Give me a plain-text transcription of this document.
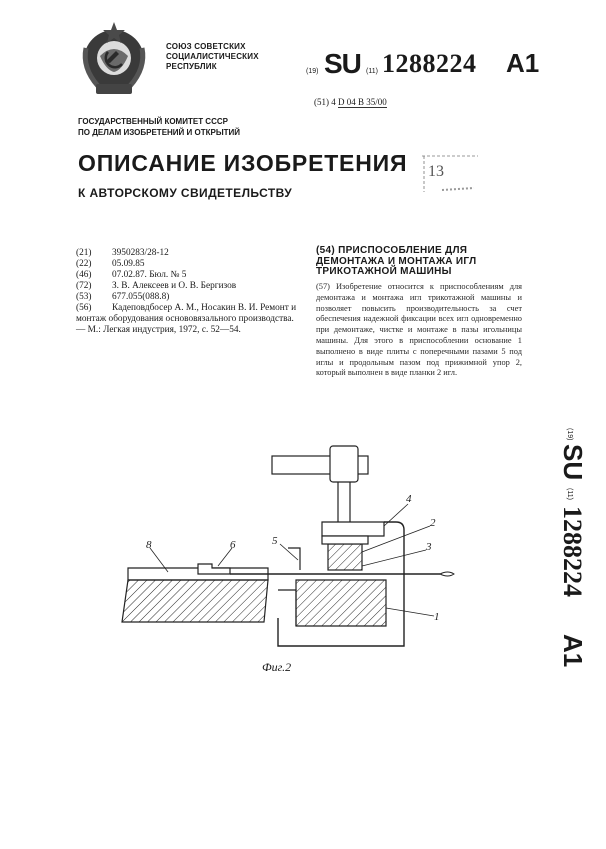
СОЮЗ СОВЕТСКИХ
СОЦИАЛИСТИЧЕСКИХ
РЕСПУБЛИК
(19) SU (11) 1288224 A1
(51) 4 D 04 B 35/00
ГОСУДАРСТВЕННЫЙ КОМИТЕТ СССР
ПО ДЕЛАМ ИЗОБРЕТЕНИЙ И ОТКРЫТИЙ
ОПИСАНИЕ ИЗОБРЕТЕНИЯ
К АВТОРСКОМУ СВИДЕТЕЛЬСТВУ
13
(21) 3950283/28-12
(22) 05.09.85
(46) 07.02.87. Бюл. № 5
(72) З. В. Алексеев и О. В. Бергизов
(53) 677.055(088.8)
(56) Кадеповдбосер А. М., Носакин В. И. Ремонт и монтаж оборудования основовязального производства. — М.: Легкая индустрия, 1972, с. 52—54.
(54) ПРИСПОСОБЛЕНИЕ ДЛЯ ДЕМОНТАЖА И МОНТАЖА ИГЛ ТРИКОТАЖНОЙ МАШИНЫ
(57) Изобретение относится к приспособлениям для демонтажа и монтажа игл трикотажной машины и позволяет повысить производительность за счет обеспечения надежной фиксации всех игл одновременно при демонтаже, чистке и монтаже в пазы игольницы машины. Для этого в приспособлении основание 1 выполнено в виде плиты с поперечными пазами 5 под иглы и продольным пазом под прижимной упор 2, который выполнен в виде планки 2 игл.
(19)
SU
(11)
1288224
A1
8	6	5
4
2
3
1
Фиг.2
